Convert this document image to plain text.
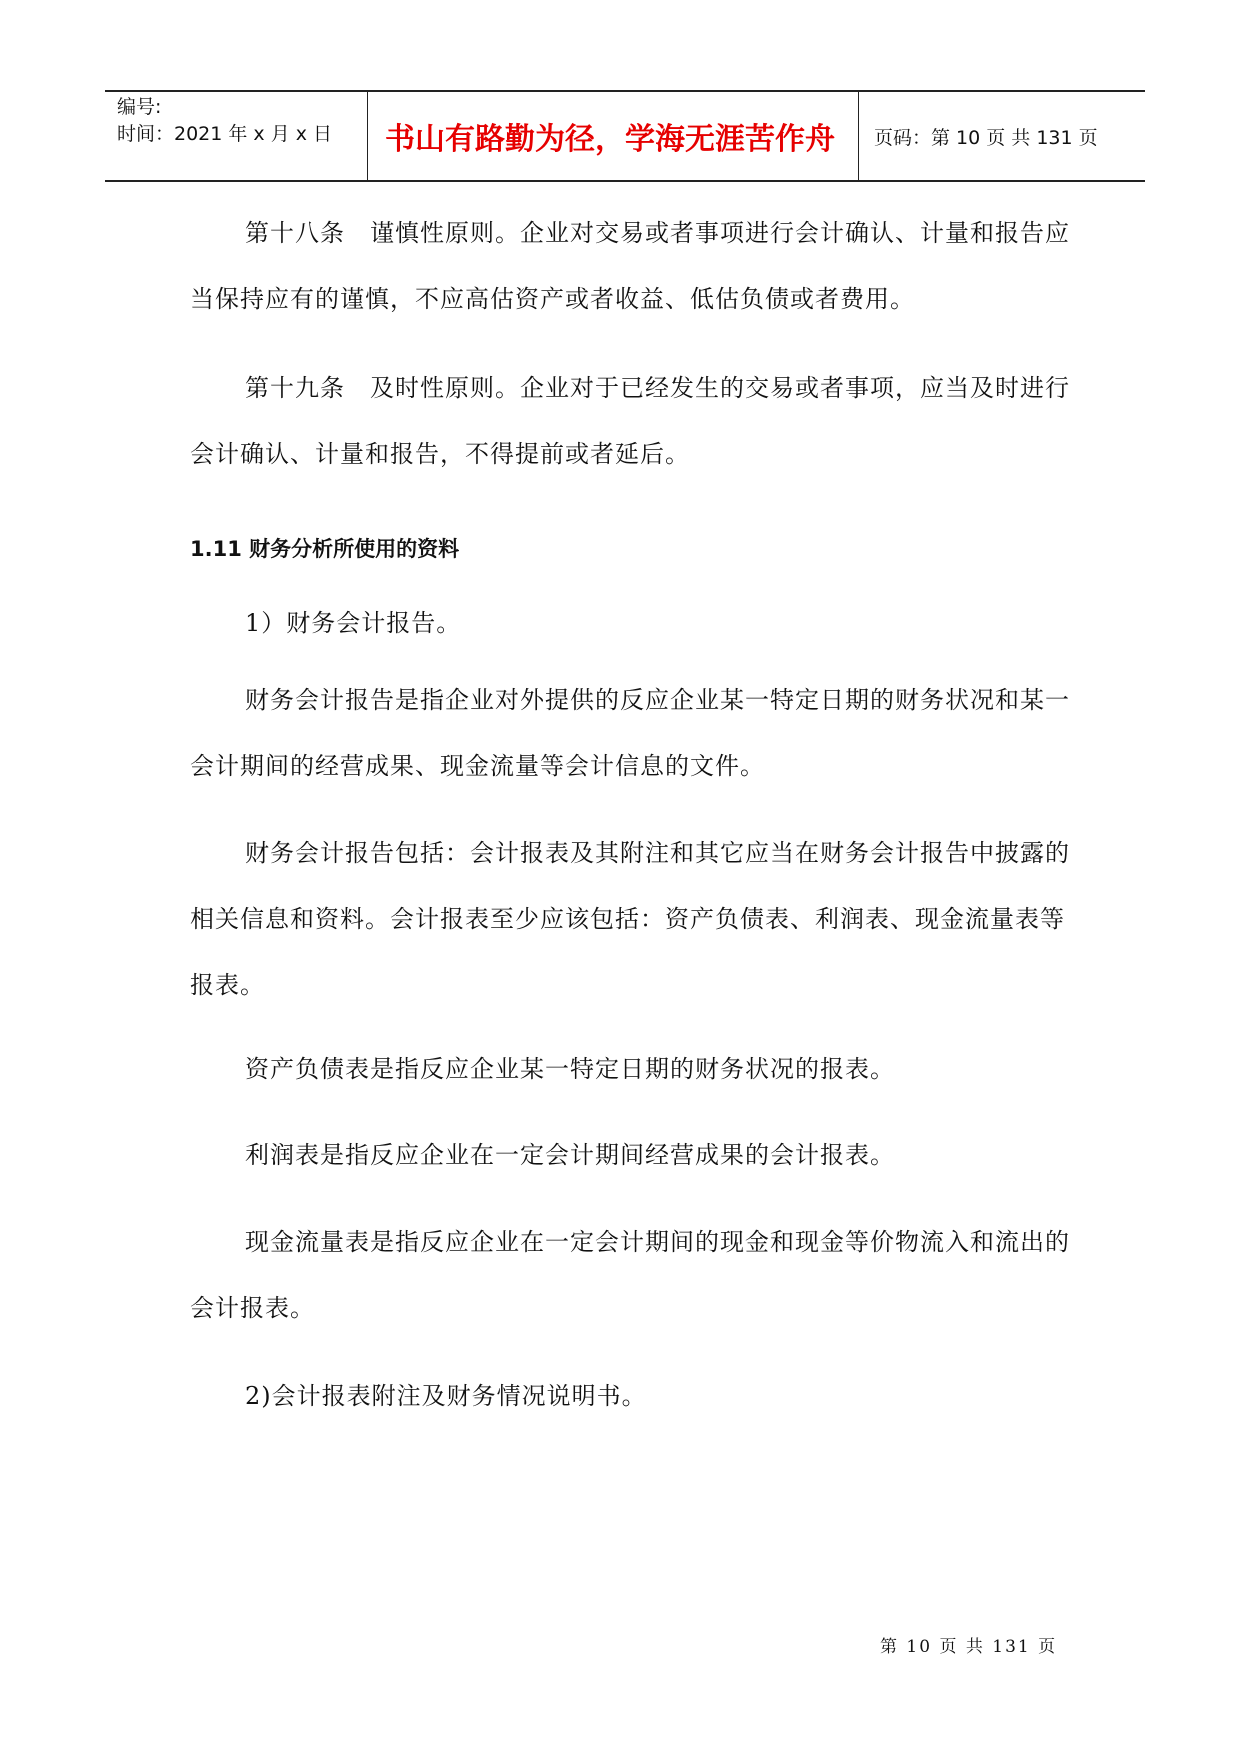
编号:
时间：2021 年 x 月 x 日	书山有路勤为径，学海无涯苦作舟	页码：第 10 页 共 131 页

第十八条　谨慎性原则。企业对交易或者事项进行会计确认、计量和报告应当保持应有的谨慎，不应高估资产或者收益、低估负债或者费用。

第十九条　及时性原则。企业对于已经发生的交易或者事项，应当及时进行会计确认、计量和报告，不得提前或者延后。

1.11 财务分析所使用的资料

1）财务会计报告。

财务会计报告是指企业对外提供的反应企业某一特定日期的财务状况和某一会计期间的经营成果、现金流量等会计信息的文件。

财务会计报告包括：会计报表及其附注和其它应当在财务会计报告中披露的相关信息和资料。会计报表至少应该包括：资产负债表、利润表、现金流量表等报表。

资产负债表是指反应企业某一特定日期的财务状况的报表。

利润表是指反应企业在一定会计期间经营成果的会计报表。

现金流量表是指反应企业在一定会计期间的现金和现金等价物流入和流出的会计报表。

2)会计报表附注及财务情况说明书。

第 10 页 共 131 页
